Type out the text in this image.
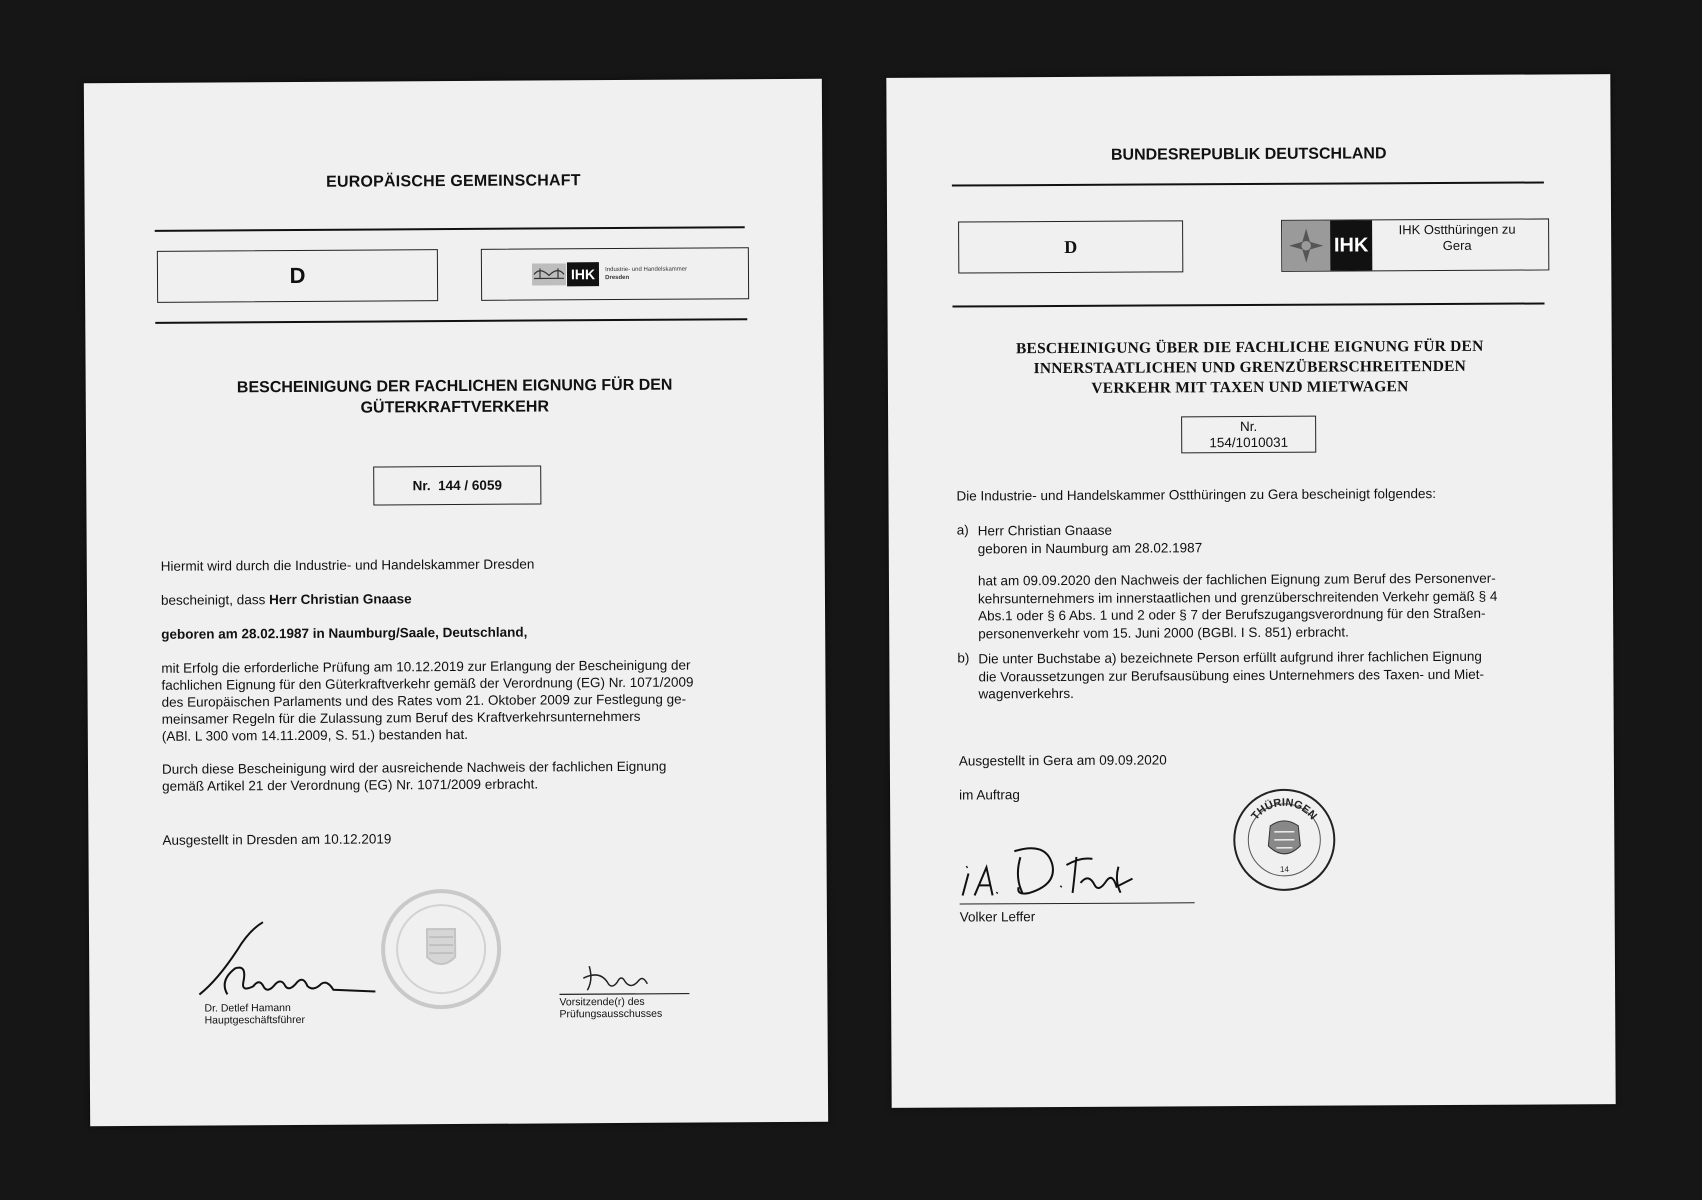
EUROPÄISCHE GEMEINSCHAFT
D	IHK	Industrie- und Handelskammer
Dresden
BESCHEINIGUNG DER FACHLICHEN EIGNUNG FÜR DEN
GÜTERKRAFTVERKEHR
Nr.  144 / 6059
Hiermit wird durch die Industrie- und Handelskammer Dresden
bescheinigt, dass Herr Christian Gnaase
geboren am 28.02.1987 in Naumburg/Saale, Deutschland,
mit Erfolg die erforderliche Prüfung am 10.12.2019 zur Erlangung der Bescheinigung der
fachlichen Eignung für den Güterkraftverkehr gemäß der Verordnung (EG) Nr. 1071/2009
des Europäischen Parlaments und des Rates vom 21. Oktober 2009 zur Festlegung ge-
meinsamer Regeln für die Zulassung zum Beruf des Kraftverkehrsunternehmers
(ABl. L 300 vom 14.11.2009, S. 51.) bestanden hat.
Durch diese Bescheinigung wird der ausreichende Nachweis der fachlichen Eignung
gemäß Artikel 21 der Verordnung (EG) Nr. 1071/2009 erbracht.
Ausgestellt in Dresden am 10.12.2019
Dr. Detlef Hamann
Hauptgeschäftsführer
Vorsitzende(r) des
Prüfungsausschusses
BUNDESREPUBLIK DEUTSCHLAND
D	IHK
IHK Ostthüringen zu
Gera
BESCHEINIGUNG ÜBER DIE FACHLICHE EIGNUNG FÜR DEN
INNERSTAATLICHEN UND GRENZÜBERSCHREITENDEN
VERKEHR MIT TAXEN UND MIETWAGEN
Nr.
154/1010031
Die Industrie- und Handelskammer Ostthüringen zu Gera bescheinigt folgendes:
a) Herr Christian Gnaase
geboren in Naumburg am 28.02.1987
hat am 09.09.2020 den Nachweis der fachlichen Eignung zum Beruf des Personenver-
kehrsunternehmers im innerstaatlichen und grenzüberschreitenden Verkehr gemäß § 4
Abs.1 oder § 6 Abs. 1 und 2 oder § 7 der Berufszugangsverordnung für den Straßen-
personenverkehr vom 15. Juni 2000 (BGBl. I S. 851) erbracht.
b) Die unter Buchstabe a) bezeichnete Person erfüllt aufgrund ihrer fachlichen Eignung
die Voraussetzungen zur Berufsausübung eines Unternehmers des Taxen- und Miet-
wagenverkehrs.
Ausgestellt in Gera am 09.09.2020
im Auftrag
THÜRINGEN
14
Volker Leffer
